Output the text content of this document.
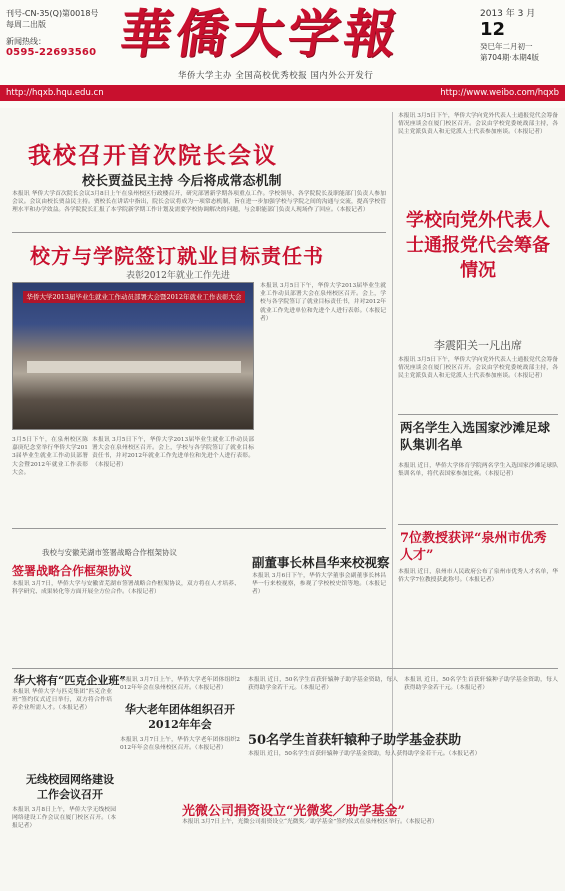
刊号-CN-35(Q)第0018号
每周二出版
新闻热线：
0595-22693560 華僑大学報	2013 年 3 月
12
癸巳年二月初一
第704期·本期4版
华侨大学主办 全国高校优秀校报 国内外公开发行
http://hqxb.hqu.edu.cn	http://www.weibo.com/hqxb
我校召开首次院长会议
校长贾益民主持 今后将成常态机制
本报讯 华侨大学首次院长会议3月8日上午在泉州校区行政楼召开，研究部署新学期各项重点工作。学校领导、各学院院长及职能部门负责人参加会议。会议由校长贾益民主持。贾校长在讲话中指出，院长会议将成为一项常态机制，旨在进一步加强学校与学院之间的沟通与交流，提高学校管理水平和办学效益。各学院院长汇报了本学院新学期工作计划及需要学校协调解决的问题，与会职能部门负责人现场作了回应。（本报记者）
校方与学院签订就业目标责任书
表彰2012年就业工作先进
华侨大学2013届毕业生就业工作动员部署大会暨2012年就业工作表彰大会
3月5日下午，在泉州校区陈嘉庚纪念堂举行华侨大学2013届毕业生就业工作动员部署大会暨2012年就业工作表彰大会。
本报讯 3月5日下午，华侨大学2013届毕业生就业工作动员部署大会在泉州校区召开。会上，学校与各学院签订了就业目标责任书，并对2012年就业工作先进单位和先进个人进行表彰。（本报记者）
本报讯 3月5日下午，华侨大学2013届毕业生就业工作动员部署大会在泉州校区召开。会上，学校与各学院签订了就业目标责任书，并对2012年就业工作先进单位和先进个人进行表彰。（本报记者）
本报讯 3月5日下午，华侨大学向党外代表人士通报党代会筹备情况座谈会在厦门校区召开。会议由学校党委统战部主持，各民主党派负责人和无党派人士代表参加座谈。（本报记者）
学校向党外代表人士通报党代会筹备情况
李震阳关一凡出席
本报讯 3月5日下午，华侨大学向党外代表人士通报党代会筹备情况座谈会在厦门校区召开。会议由学校党委统战部主持，各民主党派负责人和无党派人士代表参加座谈。（本报记者）
两名学生入选国家沙滩足球队集训名单
本报讯 近日，华侨大学体育学院两名学生入选国家沙滩足球队集训名单，将代表国家参加比赛。（本报记者）
7位教授获评“泉州市优秀人才”
本报讯 近日，泉州市人民政府公布了泉州市优秀人才名单，华侨大学7位教授获此称号。（本报记者）
我校与安徽芜湖市签署战略合作框架协议
签署战略合作框架协议
本报讯 3月7日，华侨大学与安徽省芜湖市签署战略合作框架协议，双方将在人才培养、科学研究、成果转化等方面开展全方位合作。（本报记者）
副董事长林昌华来校视察
本报讯 3月6日下午，华侨大学董事会副董事长林昌华一行来校视察，参观了学校校史馆等地。（本报记者）
华大将有“匹克企业班”
本报讯 华侨大学与匹克集团“匹克企业班”签约仪式近日举行，双方将合作培养企业所需人才。（本报记者）
无线校园网络建设工作会议召开
本报讯 3月8日上午，华侨大学无线校园网络建设工作会议在厦门校区召开。（本报记者）
本报讯 3月7日上午，华侨大学老年团体组织2012年年会在泉州校区召开。（本报记者）
华大老年团体组织召开2012年年会
本报讯 3月7日上午，华侨大学老年团体组织2012年年会在泉州校区召开。（本报记者）
本报讯 近日，50名学生首获轩辕种子助学基金资助，每人获得助学金若干元。（本报记者）
本报讯 近日，50名学生首获轩辕种子助学基金资助，每人获得助学金若干元。（本报记者）
50名学生首获轩辕种子助学基金获助
本报讯 近日，50名学生首获轩辕种子助学基金资助，每人获得助学金若干元。（本报记者）
光微公司捐资设立“光微奖／助学基金”
本报讯 3月7日上午，光微公司捐资设立“光微奖／助学基金”签约仪式在泉州校区举行。（本报记者）
